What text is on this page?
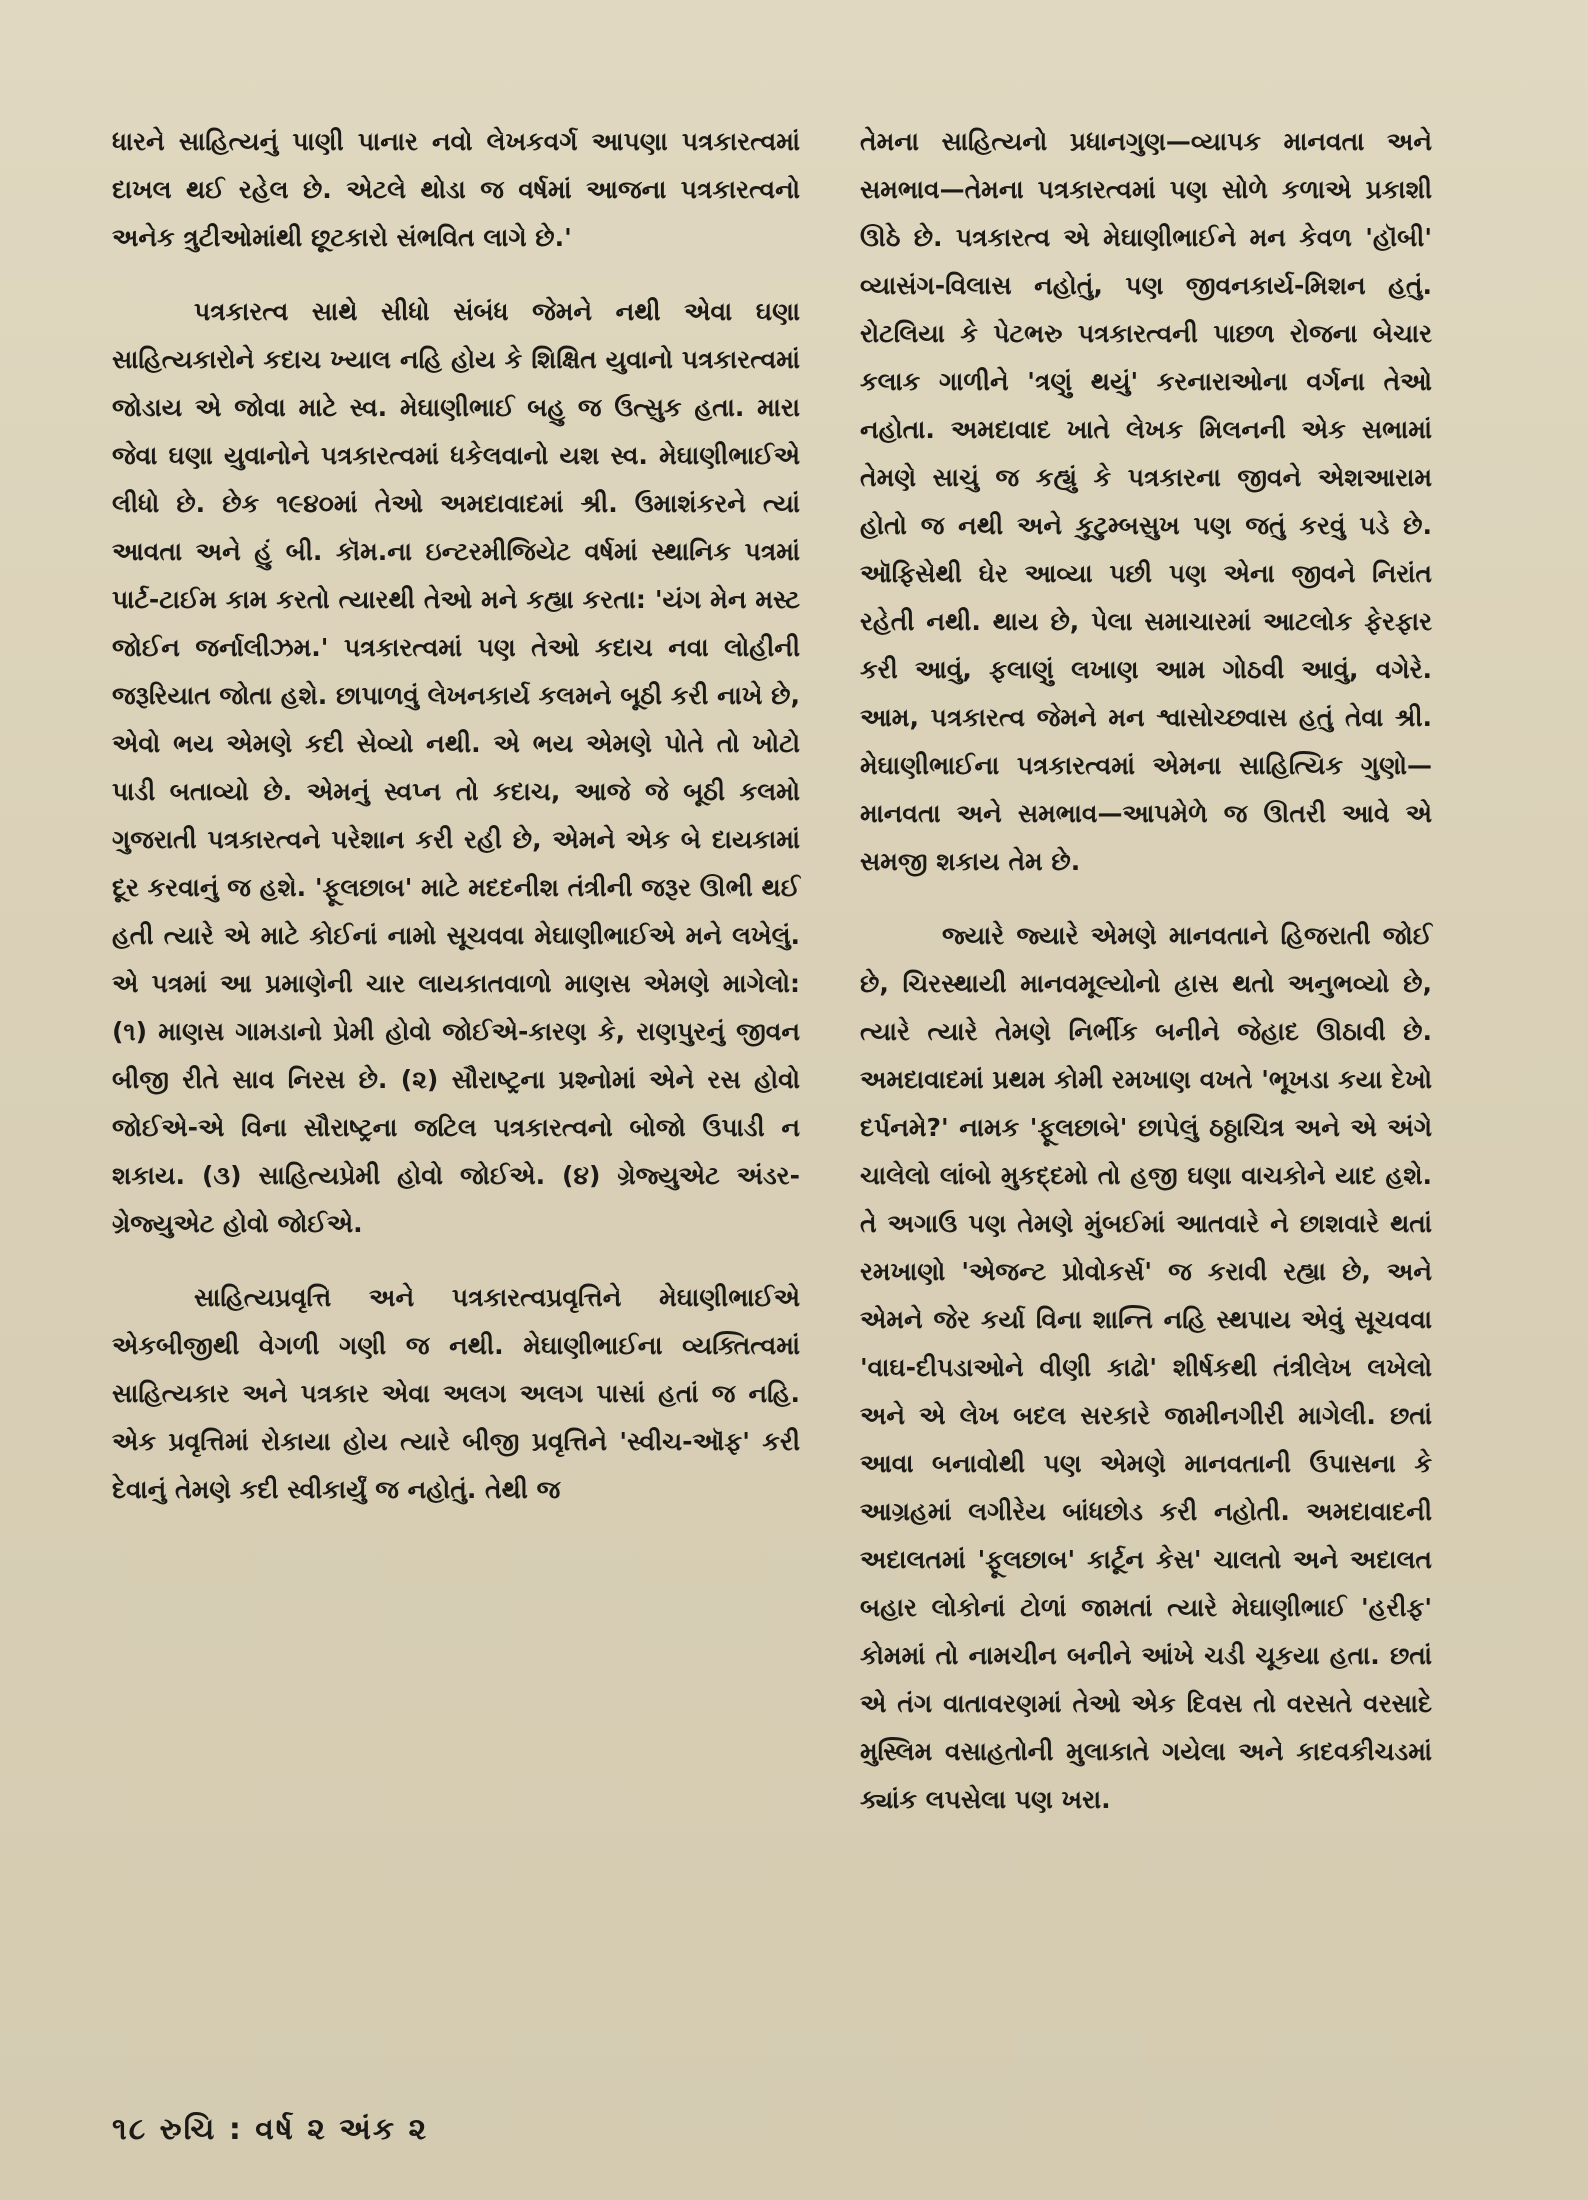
ધારને સાહિત્યનું પાણી પાનાર નવો લેખકવર્ગ આપણા પત્રકારત્વમાં દાખલ થઈ રહેલ છે. એટલે થોડા જ વર્ષમાં આજના પત્રકારત્વનો અનેક ત્રુટીઓમાંથી છૂટકારો સંભવિત લાગે છે.'

પત્રકારત્વ સાથે સીધો સંબંધ જેમને નથી એવા ઘણા સાહિત્યકારોને કદાચ ખ્યાલ નહિ હોય કે શિક્ષિત યુવાનો પત્રકારત્વમાં જોડાય એ જોવા માટે સ્વ. મેઘાણીભાઈ બહુ જ ઉત્સુક હતા. મારા જેવા ઘણા યુવાનોને પત્રકારત્વમાં ધકેલવાનો યશ સ્વ. મેઘાણીભાઈએ લીધો છે. છેક ૧૯૪૦માં તેઓ અમદાવાદમાં શ્રી. ઉમાશંકરને ત્યાં આવતા અને હું બી. કૉમ.ના ઇન્ટરમીજિયેટ વર્ષમાં સ્થાનિક પત્રમાં પાર્ટ-ટાઈમ કામ કરતો ત્યારથી તેઓ મને કહ્યા કરતા: 'યંગ મેન મસ્ટ જોઈન જર્નાલીઝમ.' પત્રકારત્વમાં પણ તેઓ કદાચ નવા લોહીની જરૂરિયાત જોતા હશે. છાપાળવું લેખનકાર્ય કલમને બૂઠી કરી નાખે છે, એવો ભય એમણે કદી સેવ્યો નથી. એ ભય એમણે પોતે તો ખોટો પાડી બતાવ્યો છે. એમનું સ્વપ્ન તો કદાચ, આજે જે બૂઠી કલમો ગુજરાતી પત્રકારત્વને પરેશાન કરી રહી છે, એમને એક બે દાયકામાં દૂર કરવાનું જ હશે. 'ફૂલછાબ' માટે મદદનીશ તંત્રીની જરૂર ઊભી થઈ હતી ત્યારે એ માટે કોઈનાં નામો સૂચવવા મેઘાણીભાઈએ મને લખેલું. એ પત્રમાં આ પ્રમાણેની ચાર લાયકાતવાળો માણસ એમણે માગેલો: (૧) માણસ ગામડાનો પ્રેમી હોવો જોઈએ-કારણ કે, રાણપુરનું જીવન બીજી રીતે સાવ નિરસ છે. (૨) સૌરાષ્ટ્રના પ્રશ્નોમાં એને રસ હોવો જોઈએ-એ વિના સૌરાષ્ટ્રના જટિલ પત્રકારત્વનો બોજો ઉપાડી ન શકાય. (૩) સાહિત્યપ્રેમી હોવો જોઈએ. (૪) ગ્રેજ્યુએટ અંડર-ગ્રેજ્યુએટ હોવો જોઈએ.

સાહિત્યપ્રવૃત્તિ અને પત્રકારત્વપ્રવૃત્તિને મેઘાણીભાઈએ એકબીજીથી વેગળી ગણી જ નથી. મેઘાણીભાઈના વ્યક્તિત્વમાં સાહિત્યકાર અને પત્રકાર એવા અલગ અલગ પાસાં હતાં જ નહિ. એક પ્રવૃત્તિમાં રોકાયા હોય ત્યારે બીજી પ્રવૃત્તિને 'સ્વીચ-ઑફ' કરી દેવાનું તેમણે કદી સ્વીકાર્યું જ નહોતું. તેથી જ

તેમના સાહિત્યનો પ્રધાનગુણ—વ્યાપક માનવતા અને સમભાવ—તેમના પત્રકારત્વમાં પણ સોળે કળાએ પ્રકાશી ઊઠે છે. પત્રકારત્વ એ મેઘાણીભાઈને મન કેવળ 'હૉબી' વ્યાસંગ-વિલાસ નહોતું, પણ જીવનકાર્ય-મિશન હતું. રોટલિયા કે પેટભરુ પત્રકારત્વની પાછળ રોજના બેચાર કલાક ગાળીને 'ત્રણું થયું' કરનારાઓના વર્ગના તેઓ નહોતા. અમદાવાદ ખાતે લેખક મિલનની એક સભામાં તેમણે સાચું જ કહ્યું કે પત્રકારના જીવને એશઆરામ હોતો જ નથી અને કુટુમ્બસુખ પણ જતું કરવું પડે છે. ઑફિસેથી ઘેર આવ્યા પછી પણ એના જીવને નિરાંત રહેતી નથી. થાય છે, પેલા સમાચારમાં આટલોક ફેરફાર કરી આવું, ફલાણું લખાણ આમ ગોઠવી આવું, વગેરે. આમ, પત્રકારત્વ જેમને મન શ્વાસોચ્છ્વાસ હતું તેવા શ્રી. મેઘાણીભાઈના પત્રકારત્વમાં એમના સાહિત્યિક ગુણો—માનવતા અને સમભાવ—આપમેળે જ ઊતરી આવે એ સમજી શકાય તેમ છે.

જ્યારે જ્યારે એમણે માનવતાને હિજરાતી જોઈ છે, ચિરસ્થાયી માનવમૂલ્યોનો હ્રાસ થતો અનુભવ્યો છે, ત્યારે ત્યારે તેમણે નિર્ભીક બનીને જેહાદ ઊઠાવી છે. અમદાવાદમાં પ્રથમ કોમી રમખાણ વખતે 'ભૂખડા કયા દેખો દર્પનમે?' નામક 'ફૂલછાબે' છાપેલું ઠઠ્ઠાચિત્ર અને એ અંગે ચાલેલો લાંબો મુકદ્દમો તો હજી ઘણા વાચકોને યાદ હશે. તે અગાઉ પણ તેમણે મુંબઈમાં આતવારે ને છાશવારે થતાં રમખાણો 'એજન્ટ પ્રોવોકર્સ' જ કરાવી રહ્યા છે, અને એમને જેર કર્યા વિના શાન્તિ નહિ સ્થપાય એવું સૂચવવા 'વાઘ-દીપડાઓને વીણી કાઢો' શીર્ષકથી તંત્રીલેખ લખેલો અને એ લેખ બદલ સરકારે જામીનગીરી માગેલી. છતાં આવા બનાવોથી પણ એમણે માનવતાની ઉપાસના કે આગ્રહમાં લગીરેય બાંધછોડ કરી નહોતી. અમદાવાદની અદાલતમાં 'ફૂલછાબ' કાર્ટૂન કેસ' ચાલતો અને અદાલત બહાર લોકોનાં ટોળાં જામતાં ત્યારે મેઘાણીભાઈ 'હરીફ' કોમમાં તો નામચીન બનીને આંખે ચડી ચૂકયા હતા. છતાં એ તંગ વાતાવરણમાં તેઓ એક દિવસ તો વરસતે વરસાદે મુસ્લિમ વસાહતોની મુલાકાતે ગયેલા અને કાદવકીચડમાં ક્યાંક લપસેલા પણ ખરા.

૧૮ રુચિ : વર્ષ ૨ અંક ૨
